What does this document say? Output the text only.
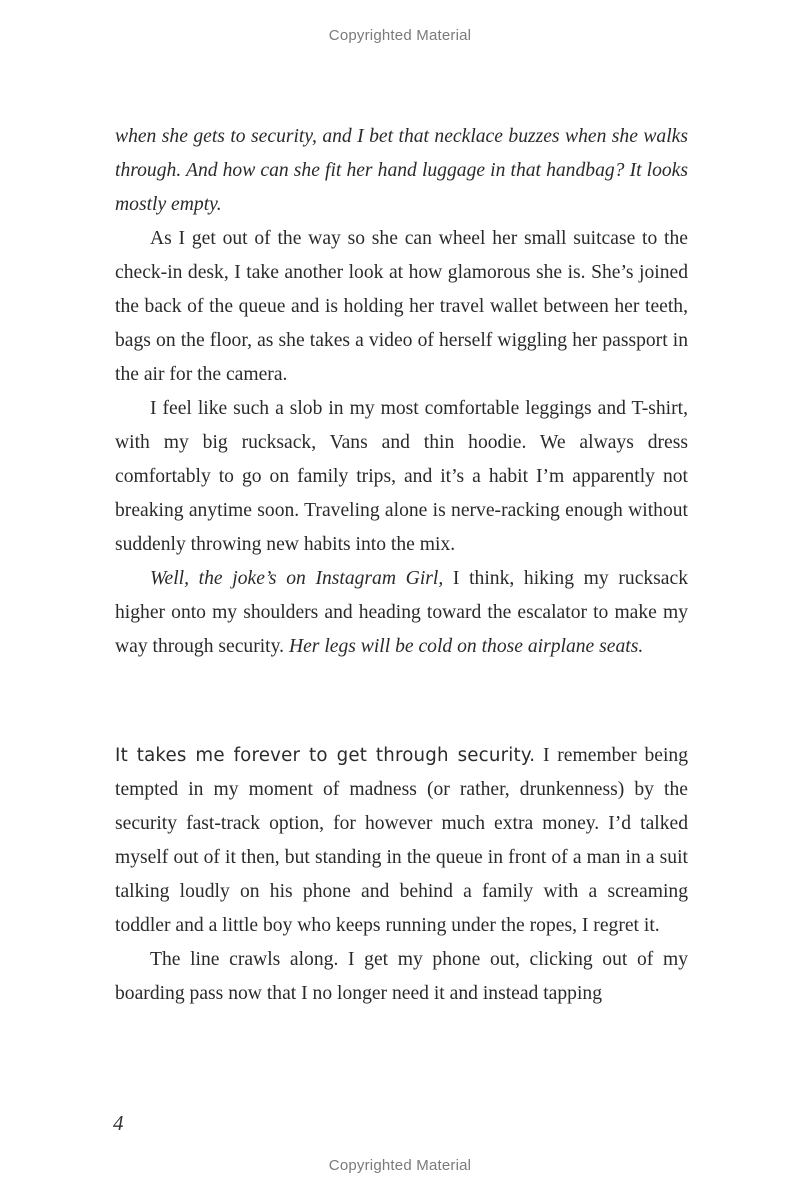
Copyrighted Material

when she gets to security, and I bet that necklace buzzes when she walks through. And how can she fit her hand luggage in that handbag? It looks mostly empty.

As I get out of the way so she can wheel her small suitcase to the check-in desk, I take another look at how glamorous she is. She’s joined the back of the queue and is holding her travel wallet between her teeth, bags on the floor, as she takes a video of herself wiggling her passport in the air for the camera.

I feel like such a slob in my most comfortable leggings and T-shirt, with my big rucksack, Vans and thin hoodie. We always dress comfortably to go on family trips, and it’s a habit I’m apparently not breaking anytime soon. Traveling alone is nerve-racking enough without suddenly throwing new habits into the mix.

Well, the joke’s on Instagram Girl, I think, hiking my rucksack higher onto my shoulders and heading toward the escalator to make my way through security. Her legs will be cold on those airplane seats.

It takes me forever to get through security. I remember being tempted in my moment of madness (or rather, drunkenness) by the security fast-track option, for however much extra money. I’d talked myself out of it then, but standing in the queue in front of a man in a suit talking loudly on his phone and behind a family with a screaming toddler and a little boy who keeps running under the ropes, I regret it.

The line crawls along. I get my phone out, clicking out of my boarding pass now that I no longer need it and instead tapping

4
Copyrighted Material
